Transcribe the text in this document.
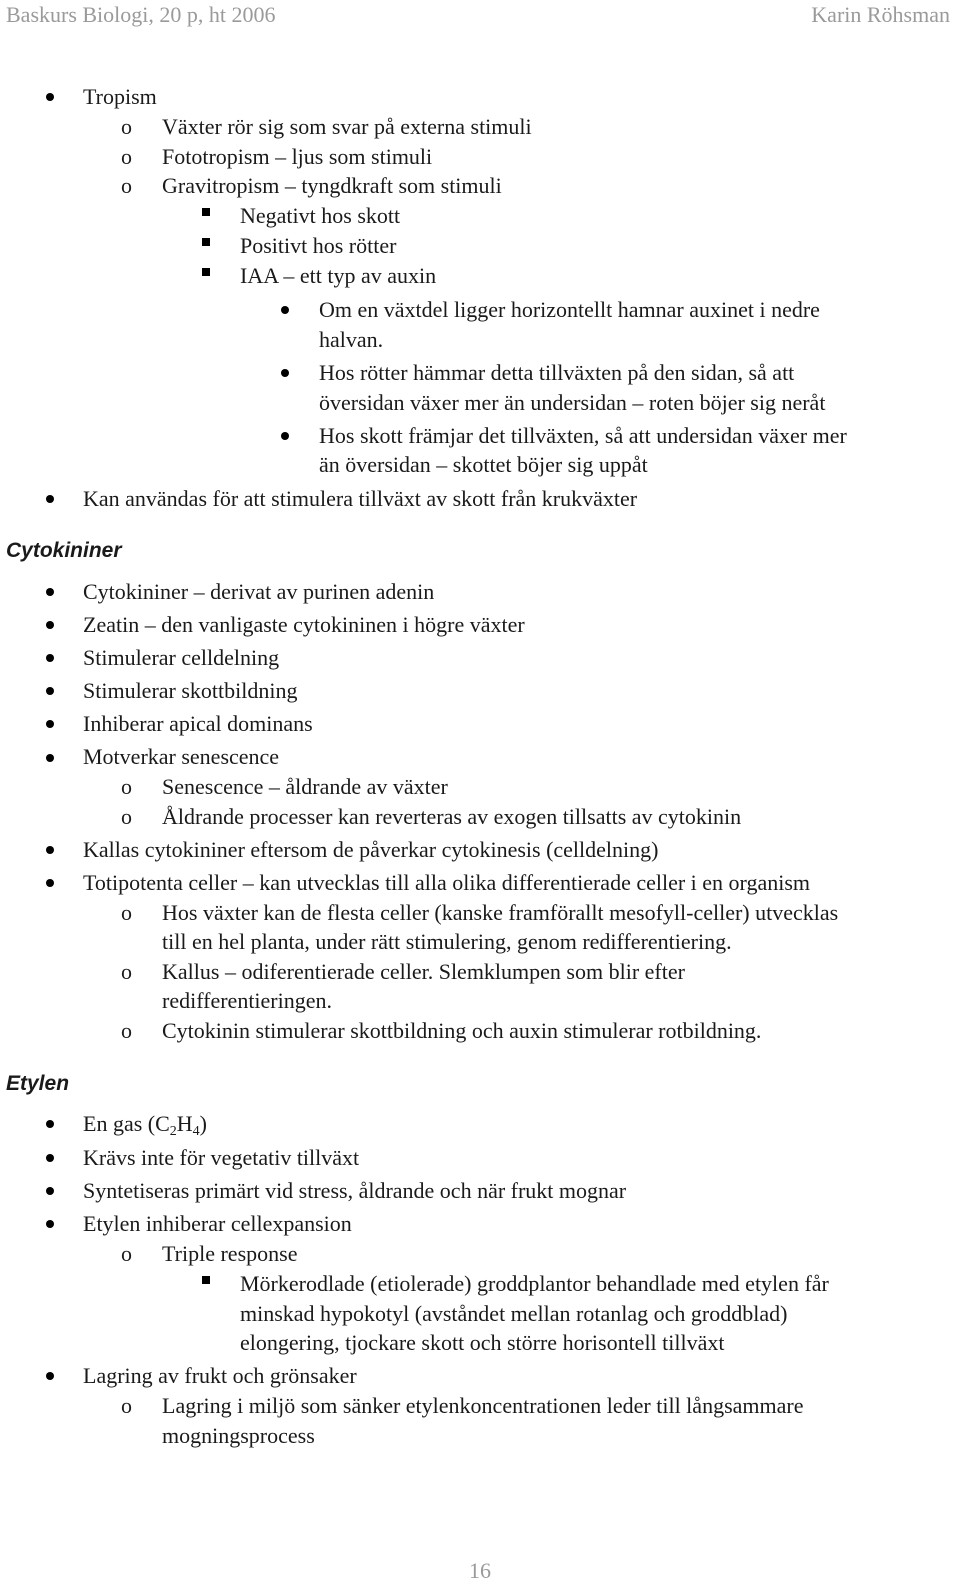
Baskurs Biologi, 20 p, ht 2006	Karin Röhsman
Tropism
o Växter rör sig som svar på externa stimuli
o Fototropism – ljus som stimuli
o Gravitropism – tyngdkraft som stimuli
Negativt hos skott
Positivt hos rötter
IAA – ett typ av auxin
Om en växtdel ligger horizontellt hamnar auxinet i nedre
halvan.
Hos rötter hämmar detta tillväxten på den sidan, så att
översidan växer mer än undersidan – roten böjer sig neråt
Hos skott främjar det tillväxten, så att undersidan växer mer
än översidan – skottet böjer sig uppåt
Kan användas för att stimulera tillväxt av skott från krukväxter
Cytokininer
Cytokininer – derivat av purinen adenin
Zeatin – den vanligaste cytokininen i högre växter
Stimulerar celldelning
Stimulerar skottbildning
Inhiberar apical dominans
Motverkar senescence
o Senescence – åldrande av växter
o Åldrande processer kan reverteras av exogen tillsatts av cytokinin
Kallas cytokininer eftersom de påverkar cytokinesis (celldelning)
Totipotenta celler – kan utvecklas till alla olika differentierade celler i en organism
o Hos växter kan de flesta celler (kanske framförallt mesofyll-celler) utvecklas
till en hel planta, under rätt stimulering, genom redifferentiering.
o Kallus – odiferentierade celler. Slemklumpen som blir efter
redifferentieringen.
o Cytokinin stimulerar skottbildning och auxin stimulerar rotbildning.
Etylen
En gas $(C_2H_4)$
Krävs inte för vegetativ tillväxt
Syntetiseras primärt vid stress, åldrande och när frukt mognar
Etylen inhiberar cellexpansion
o Triple response
Mörkerodlade (etiolerade) groddplantor behandlade med etylen får
minskad hypokotyl (avståndet mellan rotanlag och groddblad)
elongering, tjockare skott och större horisontell tillväxt
Lagring av frukt och grönsaker
o Lagring i miljö som sänker etylenkoncentrationen leder till långsammare
mogningsprocess
16
